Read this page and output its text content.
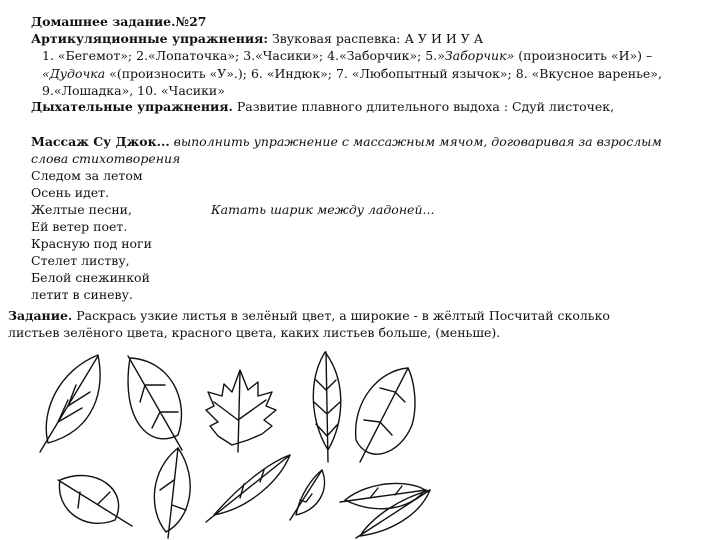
Домашнее задание.№27
Артикуляционные упражнения: Звуковая распевка: А У И И У А
1. «Бегемот»; 2.«Лопаточка»; 3.«Часики»; 4.«Заборчик»; 5.»Заборчик» (произносить «И») –
«Дудочка «(произносить «У».); 6. «Индюк»; 7. «Любопытный язычок»; 8. «Вкусное варенье»,
9.«Лошадка», 10. «Часики»
Дыхательные упражнения. Развитие плавного длительного выдоха : Сдуй листочек,
Массаж Су Джок... выполнить упражнение с массажным мячом, договаривая за взрослым
слова стихотворения
Следом за летом
Осень идет.
Желтые песни,
Ей ветер поет.
Красную под ноги
Стелет листву,
Белой снежинкой
летит в синеву.
Катать шарик между ладоней...
Задание. Раскрась узкие листья в зелёный цвет, а широкие - в жёлтый Посчитай сколько
листьев зелёного цвета, красного цвета, каких листьев больше, (меньше).
